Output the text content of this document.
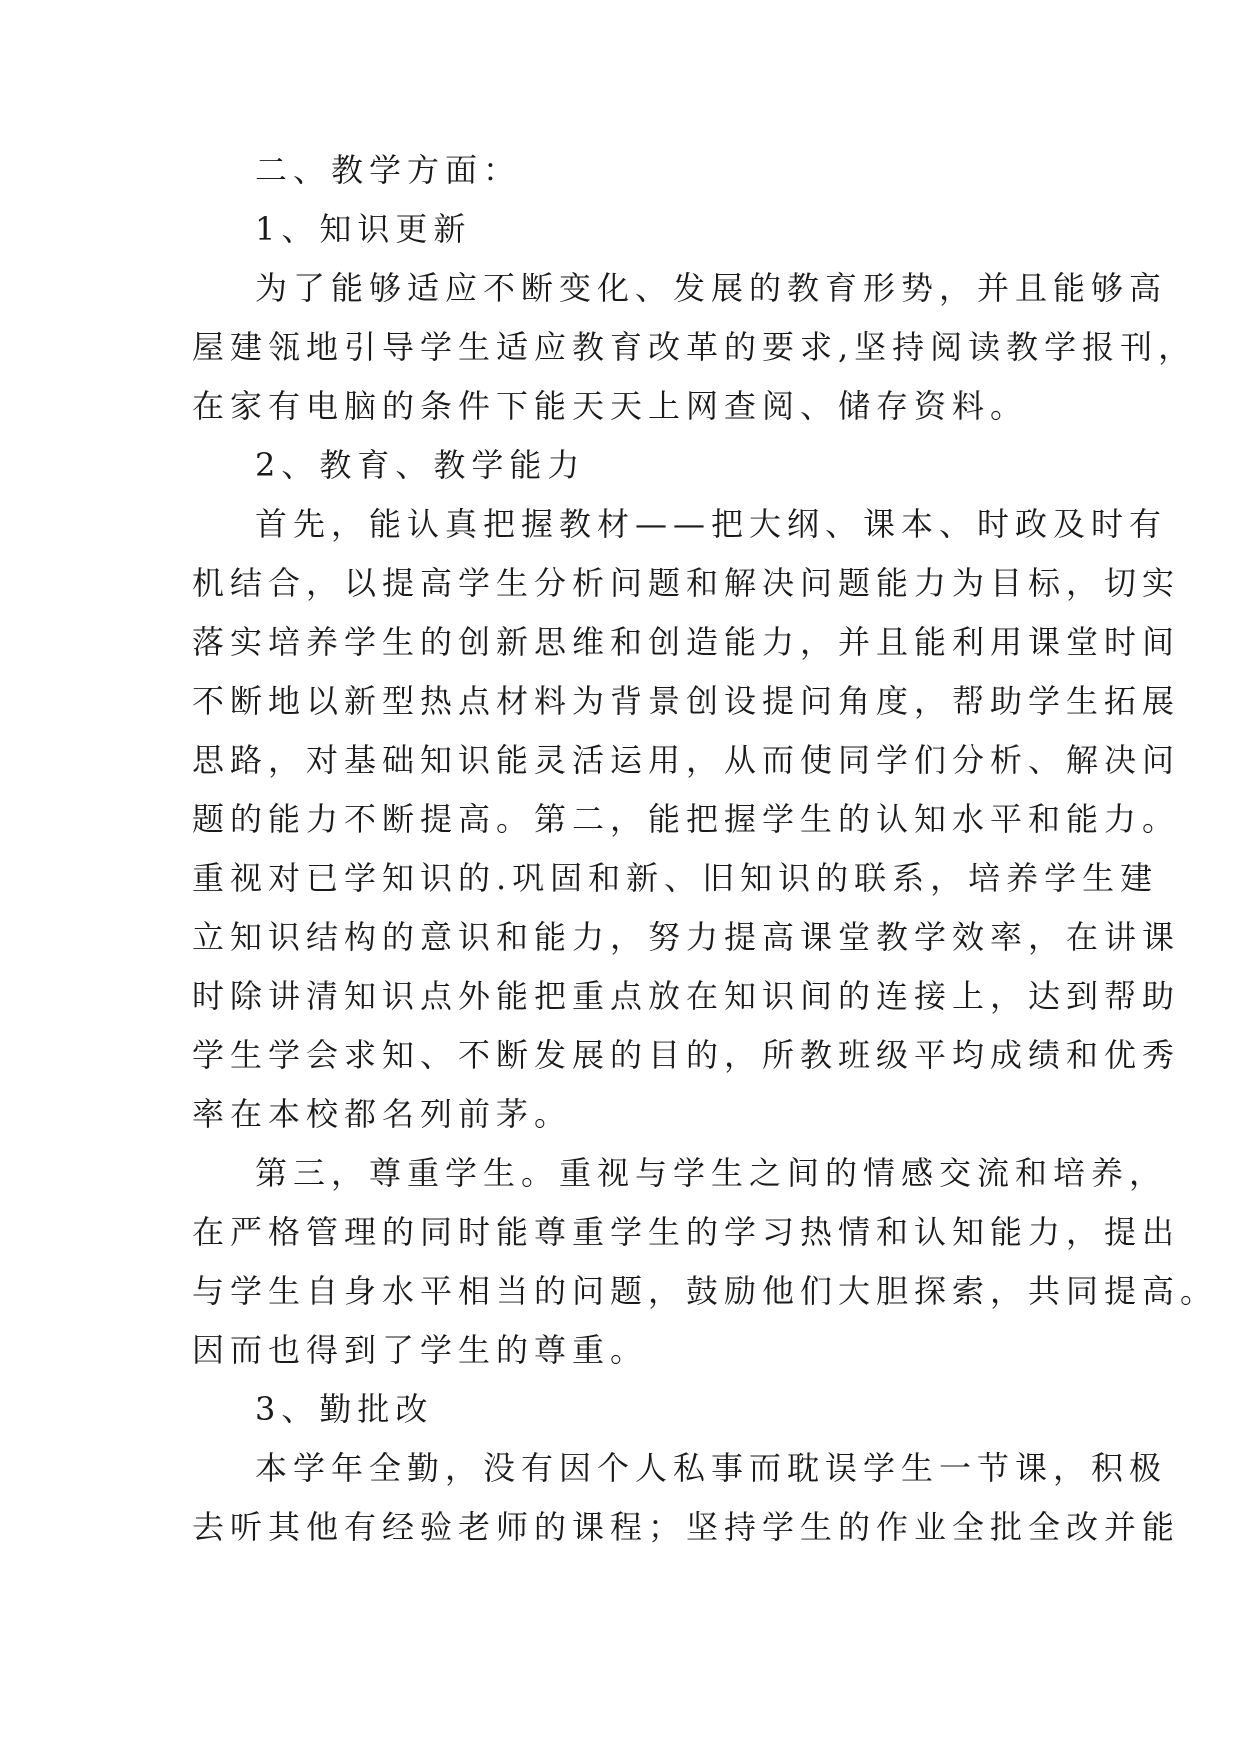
二、教学方面：
1、知识更新
为了能够适应不断变化、发展的教育形势，并且能够高
屋建瓴地引导学生适应教育改革的要求,坚持阅读教学报刊，
在家有电脑的条件下能天天上网查阅、储存资料。
2、教育、教学能力
首先，能认真把握教材——把大纲、课本、时政及时有
机结合，以提高学生分析问题和解决问题能力为目标，切实
落实培养学生的创新思维和创造能力，并且能利用课堂时间
不断地以新型热点材料为背景创设提问角度，帮助学生拓展
思路，对基础知识能灵活运用，从而使同学们分析、解决问
题的能力不断提高。第二，能把握学生的认知水平和能力。
重视对已学知识的.巩固和新、旧知识的联系，培养学生建
立知识结构的意识和能力，努力提高课堂教学效率，在讲课
时除讲清知识点外能把重点放在知识间的连接上，达到帮助
学生学会求知、不断发展的目的，所教班级平均成绩和优秀
率在本校都名列前茅。
第三，尊重学生。重视与学生之间的情感交流和培养，
在严格管理的同时能尊重学生的学习热情和认知能力，提出
与学生自身水平相当的问题，鼓励他们大胆探索，共同提高。
因而也得到了学生的尊重。
3、勤批改
本学年全勤，没有因个人私事而耽误学生一节课，积极
去听其他有经验老师的课程；坚持学生的作业全批全改并能
